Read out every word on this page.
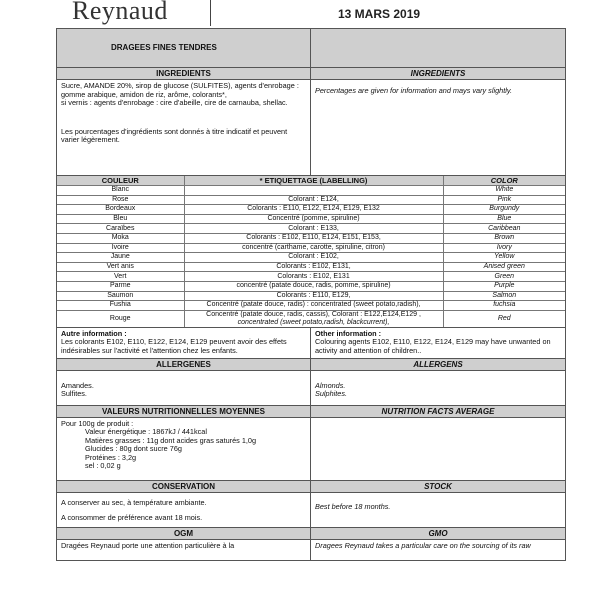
Reynaud	13 MARS 2019
DRAGEES FINES TENDRES
INGREDIENTS	INGREDIENTS
Sucre, AMANDE 20%, sirop de glucose (SULFITES), agents d'enrobage : gomme arabique, amidon de riz, arôme, colorants*,
si vernis : agents d'enrobage : cire d'abeille, cire de carnauba, shellac.
Les pourcentages d'ingrédients sont donnés à titre indicatif et peuvent varier légèrement.
Percentages are given for information and mays vary slightly.
COULEUR	* ETIQUETTAGE (LABELLING)	COLOR
Blanc		White
Rose	Colorant : E124,	Pink
Bordeaux	Colorants : E110, E122, E124, E129, E132	Burgundy
Bleu	Concentré (pomme, spiruline)	Blue
Caraïbes	Colorant : E133,	Caribbean
Moka	Colorants : E102, E110, E124, E151, E153,	Brown
Ivoire	concentré (carthame, carotte, spiruline, citron)	Ivory
Jaune	Colorant : E102,	Yellow
Vert anis	Colorants : E102, E131,	Anised green
Vert	Colorants : E102, E131	Green
Parme	concentré (patate douce, radis, pomme, spiruline)	Purple
Saumon	Colorants : E110, E129,	Salmon
Fushia	Concentré (patate douce, radis) : concentrated (sweet potato,radish),	fuchsia
Rouge	Concentré (patate douce, radis, cassis), Colorant : E122,E124,E129 ,
concentrated (sweet potato,radish, blackcurrent),	Red
Autre information :
Les colorants E102, E110, E122, E124, E129 peuvent avoir des effets indésirables sur l'activité et l'attention chez les enfants.
Other information :
Colouring agents E102, E110, E122, E124, E129 may have unwanted on activity and attention of children..
ALLERGENES	ALLERGENS
Amandes.
Sulfites.
Almonds.
Sulphites.
VALEURS NUTRITIONNELLES MOYENNES	NUTRITION FACTS AVERAGE
Pour 100g de produit :
Valeur énergétique : 1867kJ / 441kcal
Matières grasses : 11g dont acides gras saturés 1,0g
Glucides : 80g dont sucre 76g
Protéines : 3,2g
sel : 0,02 g
CONSERVATION	STOCK
A conserver au sec, à température ambiante.
A consommer de préférence avant 18 mois.
Best before 18 months.
OGM	GMO
Dragées Reynaud porte une attention particulière à la	Dragees Reynaud takes a particular care on the sourcing of its raw
